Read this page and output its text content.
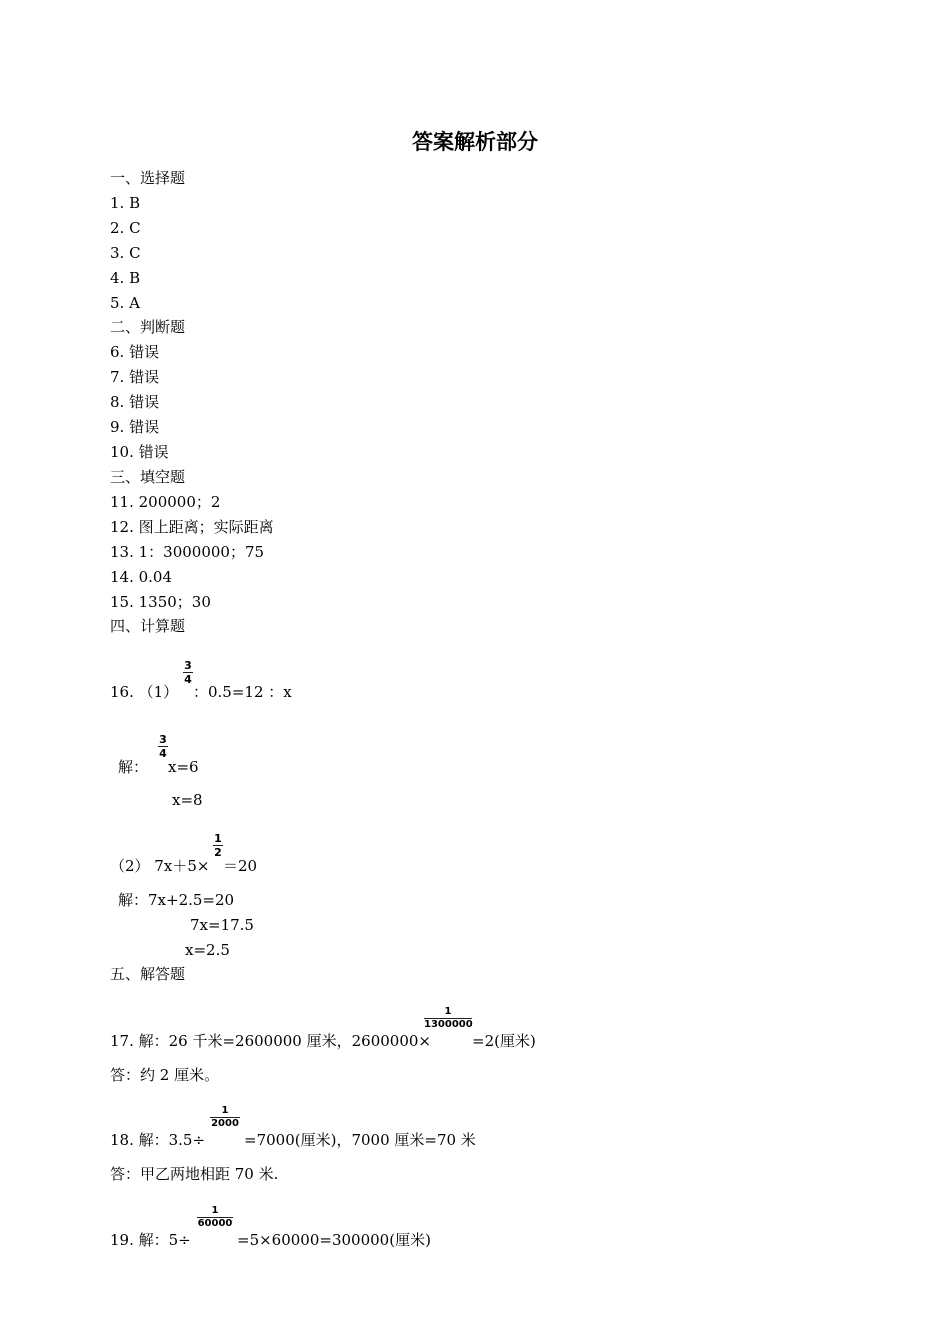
答案解析部分
一、选择题
1. B
2. C
3. C
4. B
5. A
二、判断题
6. 错误
7. 错误
8. 错误
9. 错误
10. 错误
三、填空题
11. 200000；2
12. 图上距离；实际距离
13. 1：3000000；75
14. 0.04
15. 1350；30
四、计算题
16. （1）
3
4
：0.5=12 ：x
解：
3
4
x=6
x=8
（2） 7x＋5×
1
2
＝20
解：7x+2.5=20
7x=17.5
x=2.5
五、解答题
17. 解：26 千米=2600000 厘米，2600000×
1
1300000
=2(厘米)
答：约 2 厘米。
18. 解：3.5÷
1
2000
=7000(厘米)，7000 厘米=70 米
答：甲乙两地相距 70 米.
19. 解：5÷
1
60000
=5×60000=300000(厘米)
